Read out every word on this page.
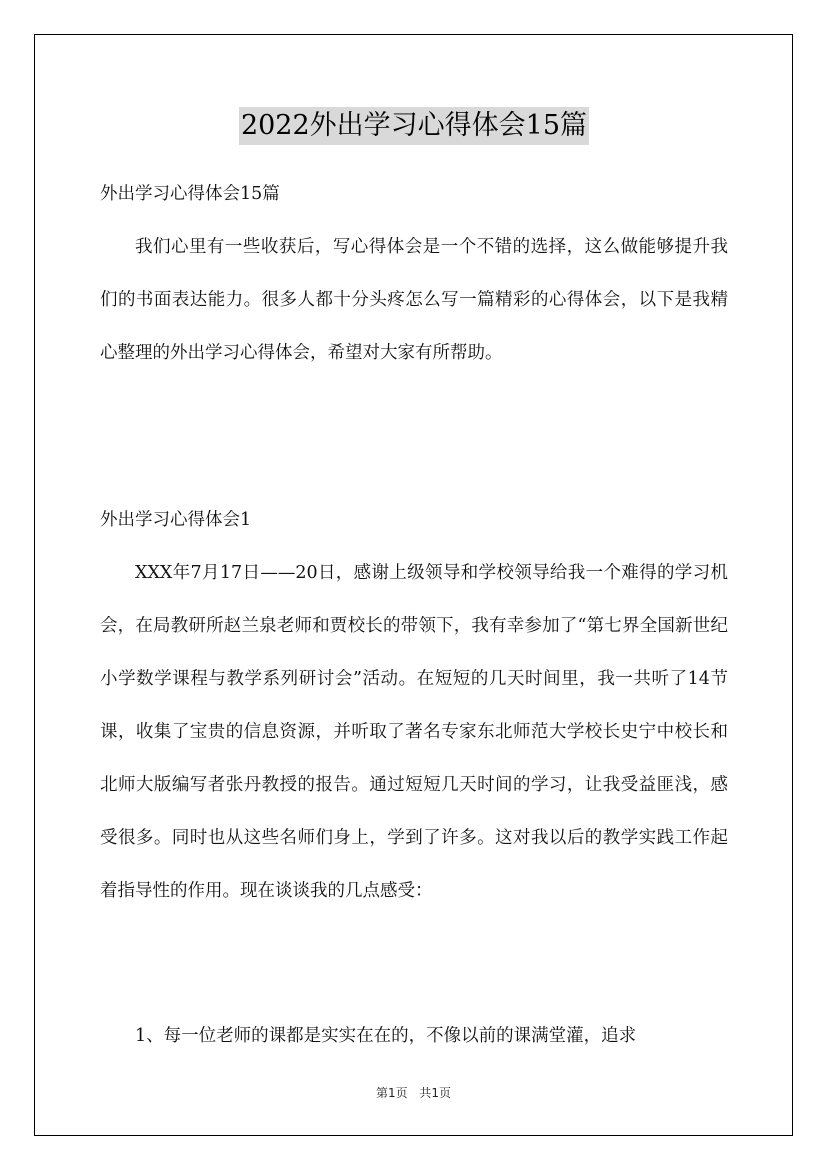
2022外出学习心得体会15篇
外出学习心得体会15篇

我们心里有一些收获后，写心得体会是一个不错的选择，这么做能够提升我们的书面表达能力。很多人都十分头疼怎么写一篇精彩的心得体会，以下是我精心整理的外出学习心得体会，希望对大家有所帮助。

外出学习心得体会1

XXX年7月17日——20日，感谢上级领导和学校领导给我一个难得的学习机会，在局教研所赵兰泉老师和贾校长的带领下，我有幸参加了“第七界全国新世纪小学数学课程与教学系列研讨会”活动。在短短的几天时间里，我一共听了14节课，收集了宝贵的信息资源，并听取了著名专家东北师范大学校长史宁中校长和北师大版编写者张丹教授的报告。通过短短几天时间的学习，让我受益匪浅，感受很多。同时也从这些名师们身上，学到了许多。这对我以后的教学实践工作起着指导性的作用。现在谈谈我的几点感受：

1、每一位老师的课都是实实在在的，不像以前的课满堂灌，追求
第1页 共1页
